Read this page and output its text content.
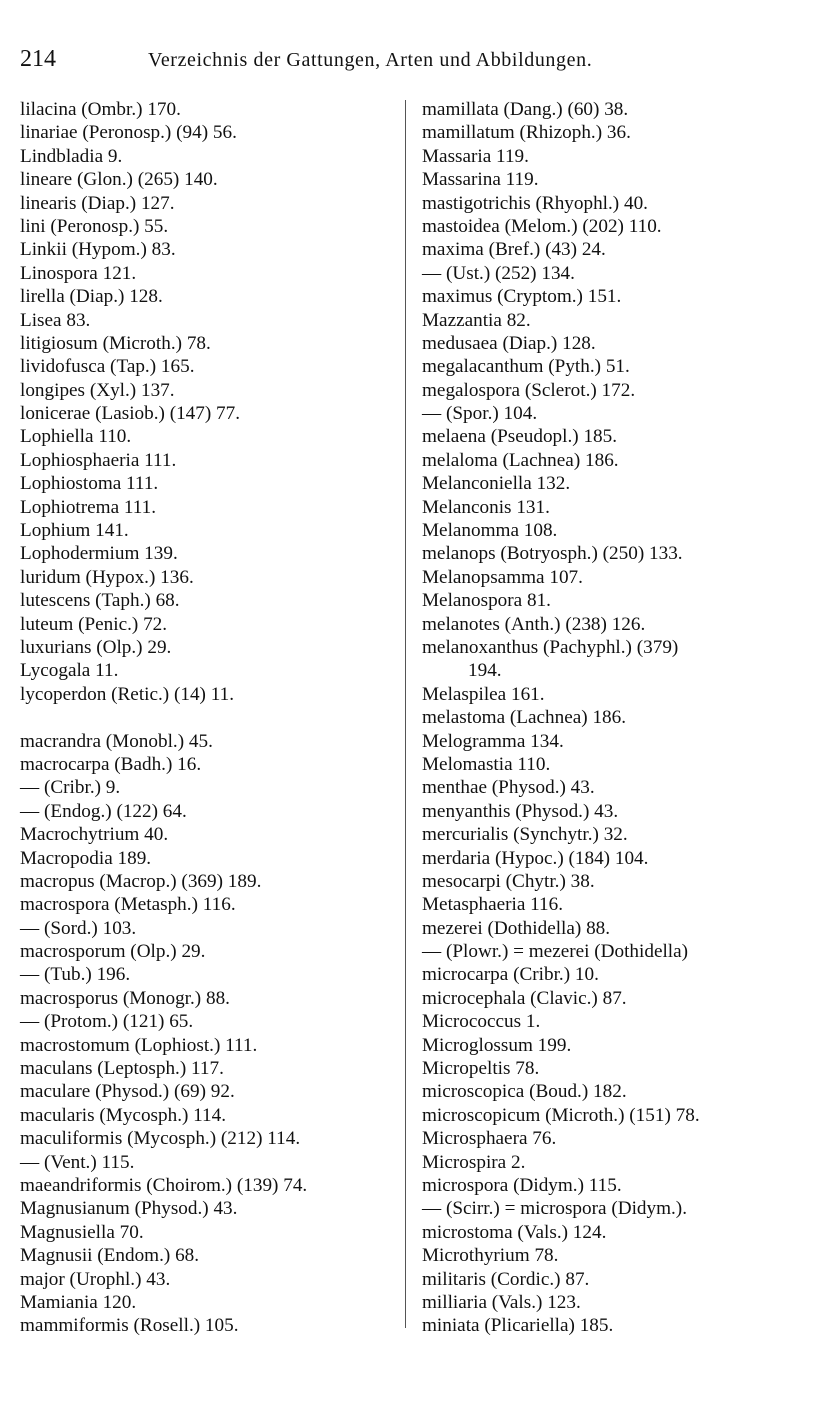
214	Verzeichnis der Gattungen, Arten und Abbildungen.
lilacina (Ombr.) 170.
linariae (Peronosp.) (94) 56.
Lindbladia 9.
lineare (Glon.) (265) 140.
linearis (Diap.) 127.
lini (Peronosp.) 55.
Linkii (Hypom.) 83.
Linospora 121.
lirella (Diap.) 128.
Lisea 83.
litigiosum (Microth.) 78.
lividofusca (Tap.) 165.
longipes (Xyl.) 137.
lonicerae (Lasiob.) (147) 77.
Lophiella 110.
Lophiosphaeria 111.
Lophiostoma 111.
Lophiotrema 111.
Lophium 141.
Lophodermium 139.
luridum (Hypox.) 136.
lutescens (Taph.) 68.
luteum (Penic.) 72.
luxurians (Olp.) 29.
Lycogala 11.
lycoperdon (Retic.) (14) 11.
macrandra (Monobl.) 45.
macrocarpa (Badh.) 16.
— (Cribr.) 9.
— (Endog.) (122) 64.
Macrochytrium 40.
Macropodia 189.
macropus (Macrop.) (369) 189.
macrospora (Metasph.) 116.
— (Sord.) 103.
macrosporum (Olp.) 29.
— (Tub.) 196.
macrosporus (Monogr.) 88.
— (Protom.) (121) 65.
macrostomum (Lophiost.) 111.
maculans (Leptosph.) 117.
maculare (Physod.) (69) 92.
macularis (Mycosph.) 114.
maculiformis (Mycosph.) (212) 114.
— (Vent.) 115.
maeandriformis (Choirom.) (139) 74.
Magnusianum (Physod.) 43.
Magnusiella 70.
Magnusii (Endom.) 68.
major (Urophl.) 43.
Mamiania 120.
mammiformis (Rosell.) 105.
mamillata (Dang.) (60) 38.
mamillatum (Rhizoph.) 36.
Massaria 119.
Massarina 119.
mastigotrichis (Rhyophl.) 40.
mastoidea (Melom.) (202) 110.
maxima (Bref.) (43) 24.
— (Ust.) (252) 134.
maximus (Cryptom.) 151.
Mazzantia 82.
medusaea (Diap.) 128.
megalacanthum (Pyth.) 51.
megalospora (Sclerot.) 172.
— (Spor.) 104.
melaena (Pseudopl.) 185.
melaloma (Lachnea) 186.
Melanconiella 132.
Melanconis 131.
Melanomma 108.
melanops (Botryosph.) (250) 133.
Melanopsamma 107.
Melanospora 81.
melanotes (Anth.) (238) 126.
melanoxanthus (Pachyphl.) (379)
194.
Melaspilea 161.
melastoma (Lachnea) 186.
Melogramma 134.
Melomastia 110.
menthae (Physod.) 43.
menyanthis (Physod.) 43.
mercurialis (Synchytr.) 32.
merdaria (Hypoc.) (184) 104.
mesocarpi (Chytr.) 38.
Metasphaeria 116.
mezerei (Dothidella) 88.
— (Plowr.) = mezerei (Dothidella)
microcarpa (Cribr.) 10.
microcephala (Clavic.) 87.
Micrococcus 1.
Microglossum 199.
Micropeltis 78.
microscopica (Boud.) 182.
microscopicum (Microth.) (151) 78.
Microsphaera 76.
Microspira 2.
microspora (Didym.) 115.
— (Scirr.) = microspora (Didym.).
microstoma (Vals.) 124.
Microthyrium 78.
militaris (Cordic.) 87.
milliaria (Vals.) 123.
miniata (Plicariella) 185.
